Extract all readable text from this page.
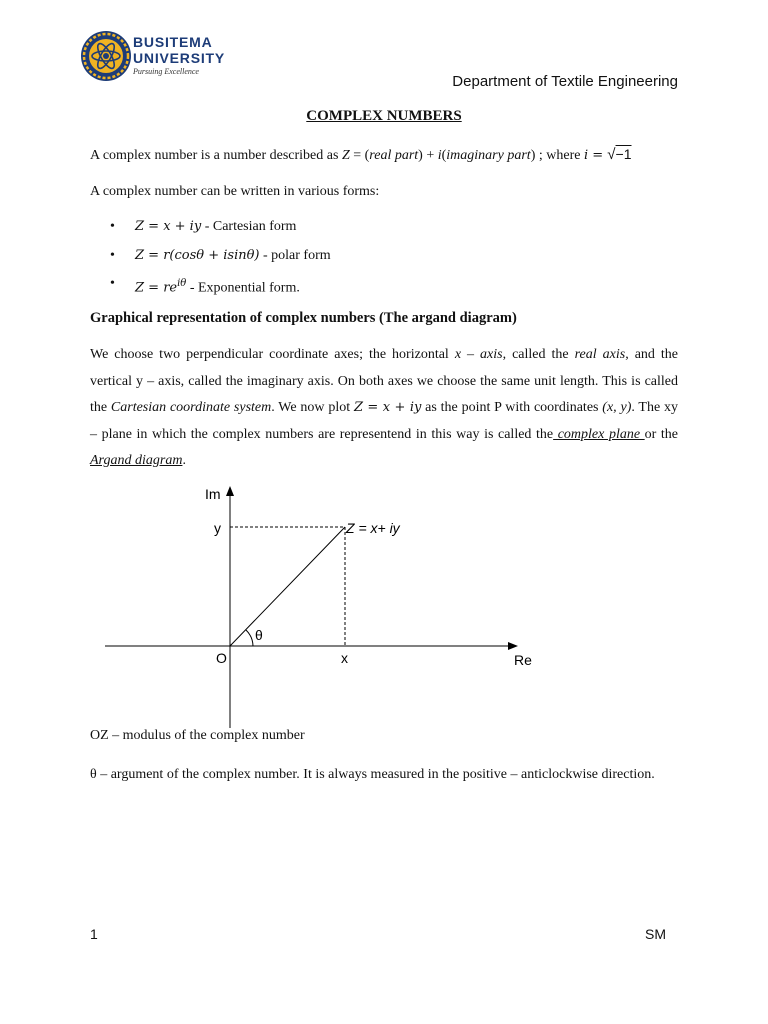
BUSITEMA
UNIVERSITY
Pursuing Excellence
Department of Textile Engineering
COMPLEX NUMBERS
A complex number is a number described as Z = (real part) + i(imaginary part) ; where i = √−1
A complex number can be written in various forms:
• Z = x + iy - Cartesian form
• Z = r(cosθ + isinθ) - polar form
• $Z = re^{i\theta}$ - Exponential form.
Graphical representation of complex numbers (The argand diagram)

We choose two perpendicular coordinate axes; the horizontal x – axis, called the real axis, and the vertical y – axis, called the imaginary axis. On both axes we choose the same unit length. This is called the Cartesian coordinate system. We now plot Z = x + iy as the point P with coordinates (x, y). The xy – plane in which the complex numbers are representend in this way is called the complex plane or the Argand diagram.

Im
y	Z = x+ iy
θ
O	x	Re
OZ – modulus of the complex number
θ – argument of the complex number. It is always measured in the positive – anticlockwise direction.
1	SM
